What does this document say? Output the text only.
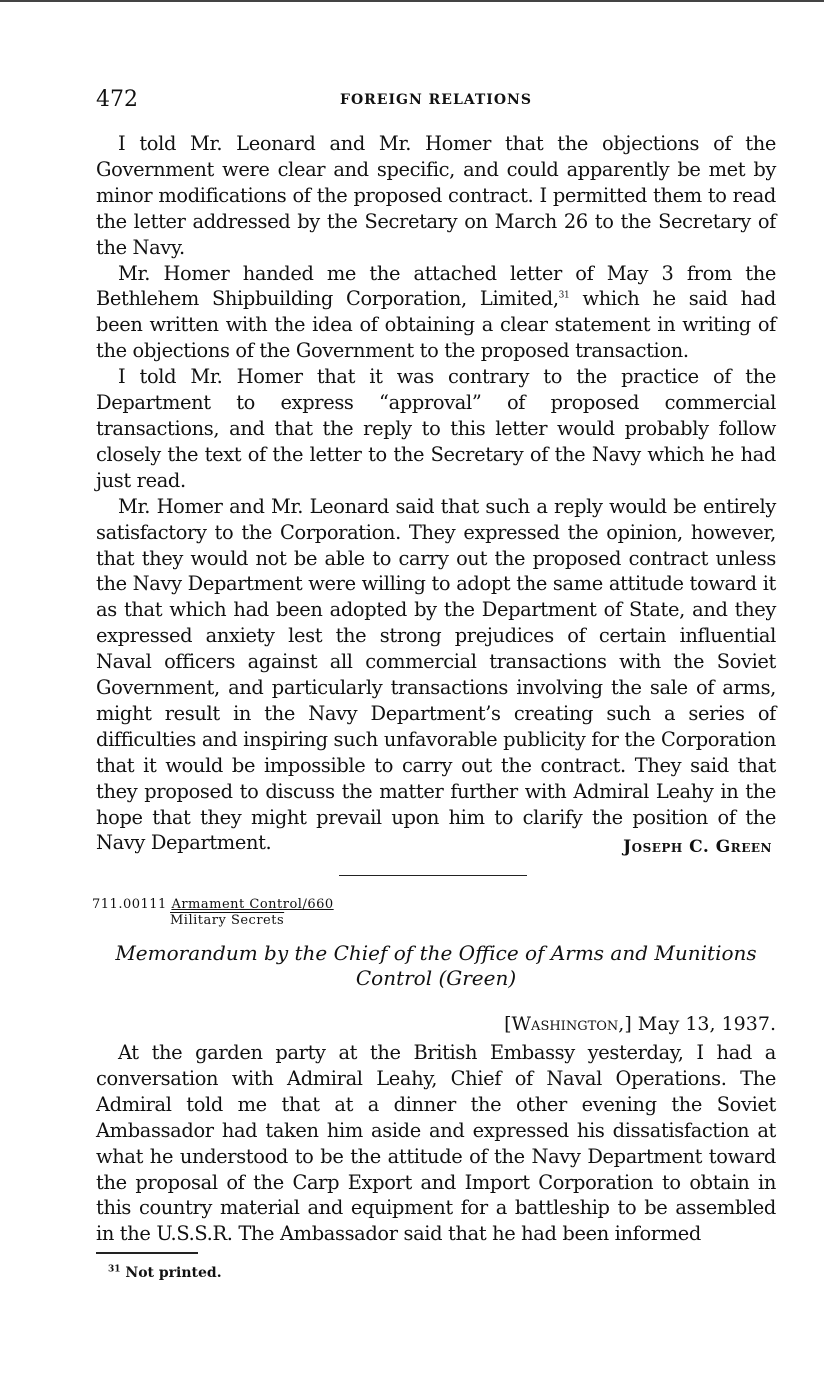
472	FOREIGN RELATIONS

I told Mr. Leonard and Mr. Homer that the objections of the Government were clear and specific, and could apparently be met by minor modifications of the proposed contract. I permitted them to read the letter addressed by the Secretary on March 26 to the Secretary of the Navy.

Mr. Homer handed me the attached letter of May 3 from the Bethlehem Shipbuilding Corporation, Limited,$^{31}$ which he said had been written with the idea of obtaining a clear statement in writing of the objections of the Government to the proposed transaction.

I told Mr. Homer that it was contrary to the practice of the Department to express “approval” of proposed commercial transactions, and that the reply to this letter would probably follow closely the text of the letter to the Secretary of the Navy which he had just read.

Mr. Homer and Mr. Leonard said that such a reply would be entirely satisfactory to the Corporation. They expressed the opinion, however, that they would not be able to carry out the proposed contract unless the Navy Department were willing to adopt the same attitude toward it as that which had been adopted by the Department of State, and they expressed anxiety lest the strong prejudices of certain influential Naval officers against all commercial transactions with the Soviet Government, and particularly transactions involving the sale of arms, might result in the Navy Department’s creating such a series of difficulties and inspiring such unfavorable publicity for the Corporation that it would be impossible to carry out the contract. They said that they proposed to discuss the matter further with Admiral Leahy in the hope that they might prevail upon him to clarify the position of the Navy Department.	Joseph C. Green
711.00111 Armament Control/660
Military Secrets
Memorandum by the Chief of the Office of Arms and Munitions
Control (Green)
[Washington,] May 13, 1937.

At the garden party at the British Embassy yesterday, I had a conversation with Admiral Leahy, Chief of Naval Operations. The Admiral told me that at a dinner the other evening the Soviet Ambassador had taken him aside and expressed his dissatisfaction at what he understood to be the attitude of the Navy Department toward the proposal of the Carp Export and Import Corporation to obtain in this country material and equipment for a battleship to be assembled in the U.S.S.R. The Ambassador said that he had been informed

$^{31}$ Not printed.
